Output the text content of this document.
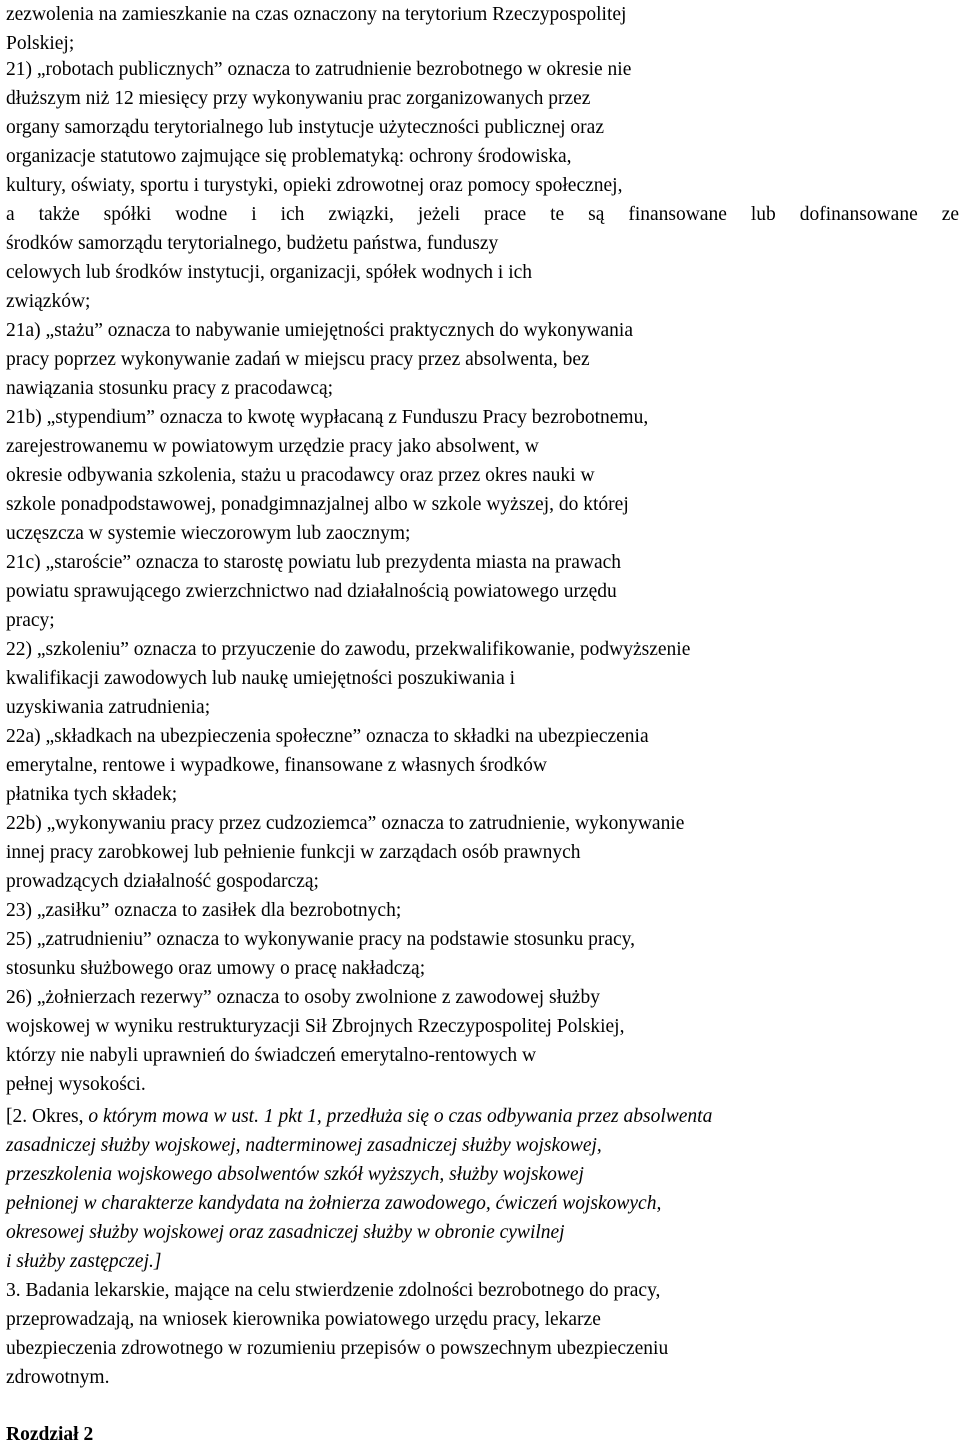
zezwolenia na zamieszkanie na czas oznaczony na terytorium Rzeczypospolitej
Polskiej;
21) „robotach publicznych” oznacza to zatrudnienie bezrobotnego w okresie nie
dłuższym niż 12 miesięcy przy wykonywaniu prac zorganizowanych przez
organy samorządu terytorialnego lub instytucje użyteczności publicznej oraz
organizacje statutowo zajmujące się problematyką: ochrony środowiska,
kultury, oświaty, sportu i turystyki, opieki zdrowotnej oraz pomocy społecznej,
a także spółki wodne i ich związki, jeżeli prace te są finansowane lub dofinansowane ze
środków samorządu terytorialnego, budżetu państwa, funduszy
celowych lub środków instytucji, organizacji, spółek wodnych i ich
związków;
21a) „stażu” oznacza to nabywanie umiejętności praktycznych do wykonywania
pracy poprzez wykonywanie zadań w miejscu pracy przez absolwenta, bez
nawiązania stosunku pracy z pracodawcą;
21b) „stypendium” oznacza to kwotę wypłacaną z Funduszu Pracy bezrobotnemu,
zarejestrowanemu w powiatowym urzędzie pracy jako absolwent, w
okresie odbywania szkolenia, stażu u pracodawcy oraz przez okres nauki w
szkole ponadpodstawowej, ponadgimnazjalnej albo w szkole wyższej, do której
uczęszcza w systemie wieczorowym lub zaocznym;
21c) „staroście” oznacza to starostę powiatu lub prezydenta miasta na prawach
powiatu sprawującego zwierzchnictwo nad działalnością powiatowego urzędu
pracy;
22) „szkoleniu” oznacza to przyuczenie do zawodu, przekwalifikowanie, podwyższenie
kwalifikacji zawodowych lub naukę umiejętności poszukiwania i
uzyskiwania zatrudnienia;
22a) „składkach na ubezpieczenia społeczne” oznacza to składki na ubezpieczenia
emerytalne, rentowe i wypadkowe, finansowane z własnych środków
płatnika tych składek;
22b) „wykonywaniu pracy przez cudzoziemca” oznacza to zatrudnienie, wykonywanie
innej pracy zarobkowej lub pełnienie funkcji w zarządach osób prawnych
prowadzących działalność gospodarczą;
23) „zasiłku” oznacza to zasiłek dla bezrobotnych;
25) „zatrudnieniu” oznacza to wykonywanie pracy na podstawie stosunku pracy,
stosunku służbowego oraz umowy o pracę nakładczą;
26) „żołnierzach rezerwy” oznacza to osoby zwolnione z zawodowej służby
wojskowej w wyniku restrukturyzacji Sił Zbrojnych Rzeczypospolitej Polskiej,
którzy nie nabyli uprawnień do świadczeń emerytalno-rentowych w
pełnej wysokości.
[2. Okres, o którym mowa w ust. 1 pkt 1, przedłuża się o czas odbywania przez absolwenta
zasadniczej służby wojskowej, nadterminowej zasadniczej służby wojskowej,
przeszkolenia wojskowego absolwentów szkół wyższych, służby wojskowej
pełnionej w charakterze kandydata na żołnierza zawodowego, ćwiczeń wojskowych,
okresowej służby wojskowej oraz zasadniczej służby w obronie cywilnej
i służby zastępczej.]
3. Badania lekarskie, mające na celu stwierdzenie zdolności bezrobotnego do pracy,
przeprowadzają, na wniosek kierownika powiatowego urzędu pracy, lekarze
ubezpieczenia zdrowotnego w rozumieniu przepisów o powszechnym ubezpieczeniu
zdrowotnym.
Rozdział 2
